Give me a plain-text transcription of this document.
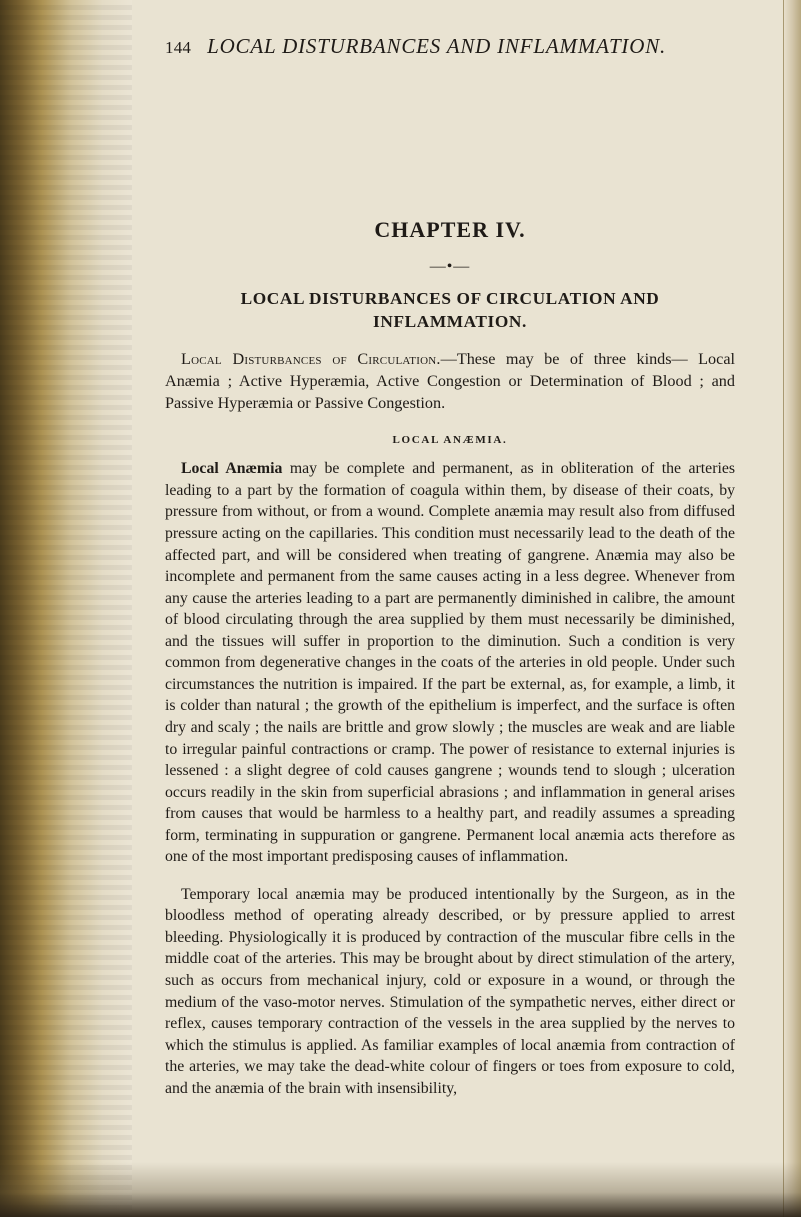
144 LOCAL DISTURBANCES AND INFLAMMATION.
CHAPTER IV.
—•—
LOCAL DISTURBANCES OF CIRCULATION AND
INFLAMMATION.

Local Disturbances of Circulation.—These may be of three kinds— Local Anæmia ; Active Hyperæmia, Active Congestion or Determination of Blood ; and Passive Hyperæmia or Passive Congestion.

LOCAL ANÆMIA.

Local Anæmia may be complete and permanent, as in obliteration of the arteries leading to a part by the formation of coagula within them, by disease of their coats, by pressure from without, or from a wound. Complete anæmia may result also from diffused pressure acting on the capillaries. This condition must necessarily lead to the death of the affected part, and will be considered when treating of gangrene. Anæmia may also be incomplete and permanent from the same causes acting in a less degree. Whenever from any cause the arteries leading to a part are permanently diminished in calibre, the amount of blood circulating through the area supplied by them must necessarily be diminished, and the tissues will suffer in proportion to the diminution. Such a condition is very common from degenerative changes in the coats of the arteries in old people. Under such circumstances the nutrition is impaired. If the part be external, as, for example, a limb, it is colder than natural ; the growth of the epithelium is imperfect, and the surface is often dry and scaly ; the nails are brittle and grow slowly ; the muscles are weak and are liable to irregular painful contractions or cramp. The power of resistance to external injuries is lessened : a slight degree of cold causes gangrene ; wounds tend to slough ; ulceration occurs readily in the skin from superficial abrasions ; and inflammation in general arises from causes that would be harmless to a healthy part, and readily assumes a spreading form, terminating in suppuration or gangrene. Permanent local anæmia acts therefore as one of the most important predisposing causes of inflammation.

Temporary local anæmia may be produced intentionally by the Surgeon, as in the bloodless method of operating already described, or by pressure applied to arrest bleeding. Physiologically it is produced by contraction of the muscular fibre cells in the middle coat of the arteries. This may be brought about by direct stimulation of the artery, such as occurs from mechanical injury, cold or exposure in a wound, or through the medium of the vaso-motor nerves. Stimulation of the sympathetic nerves, either direct or reflex, causes temporary contraction of the vessels in the area supplied by the nerves to which the stimulus is applied. As familiar examples of local anæmia from contraction of the arteries, we may take the dead-white colour of fingers or toes from exposure to cold, and the anæmia of the brain with insensibility,
